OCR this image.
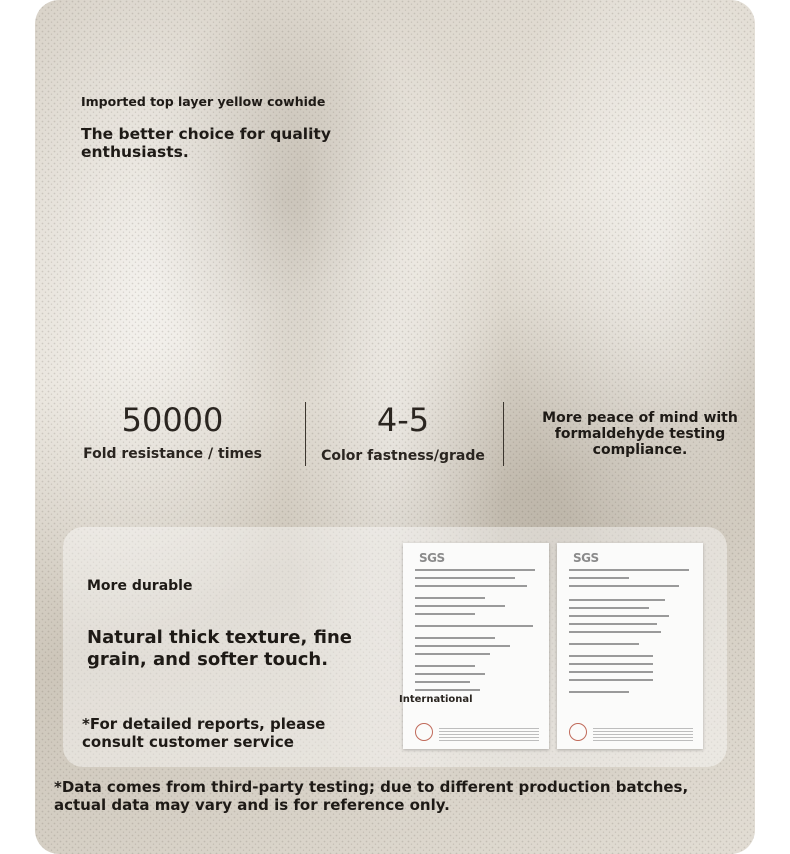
Imported top layer yellow cowhide
The better choice for quality enthusiasts.
50000
Fold resistance / times
4-5
Color fastness/grade
More peace of mind with formaldehyde testing compliance.
More durable
Natural thick texture, fine grain, and softer touch.
*For detailed reports, please consult customer service
SGS	SGS
International
*Data comes from third-party testing; due to different production batches, actual data may vary and is for reference only.
